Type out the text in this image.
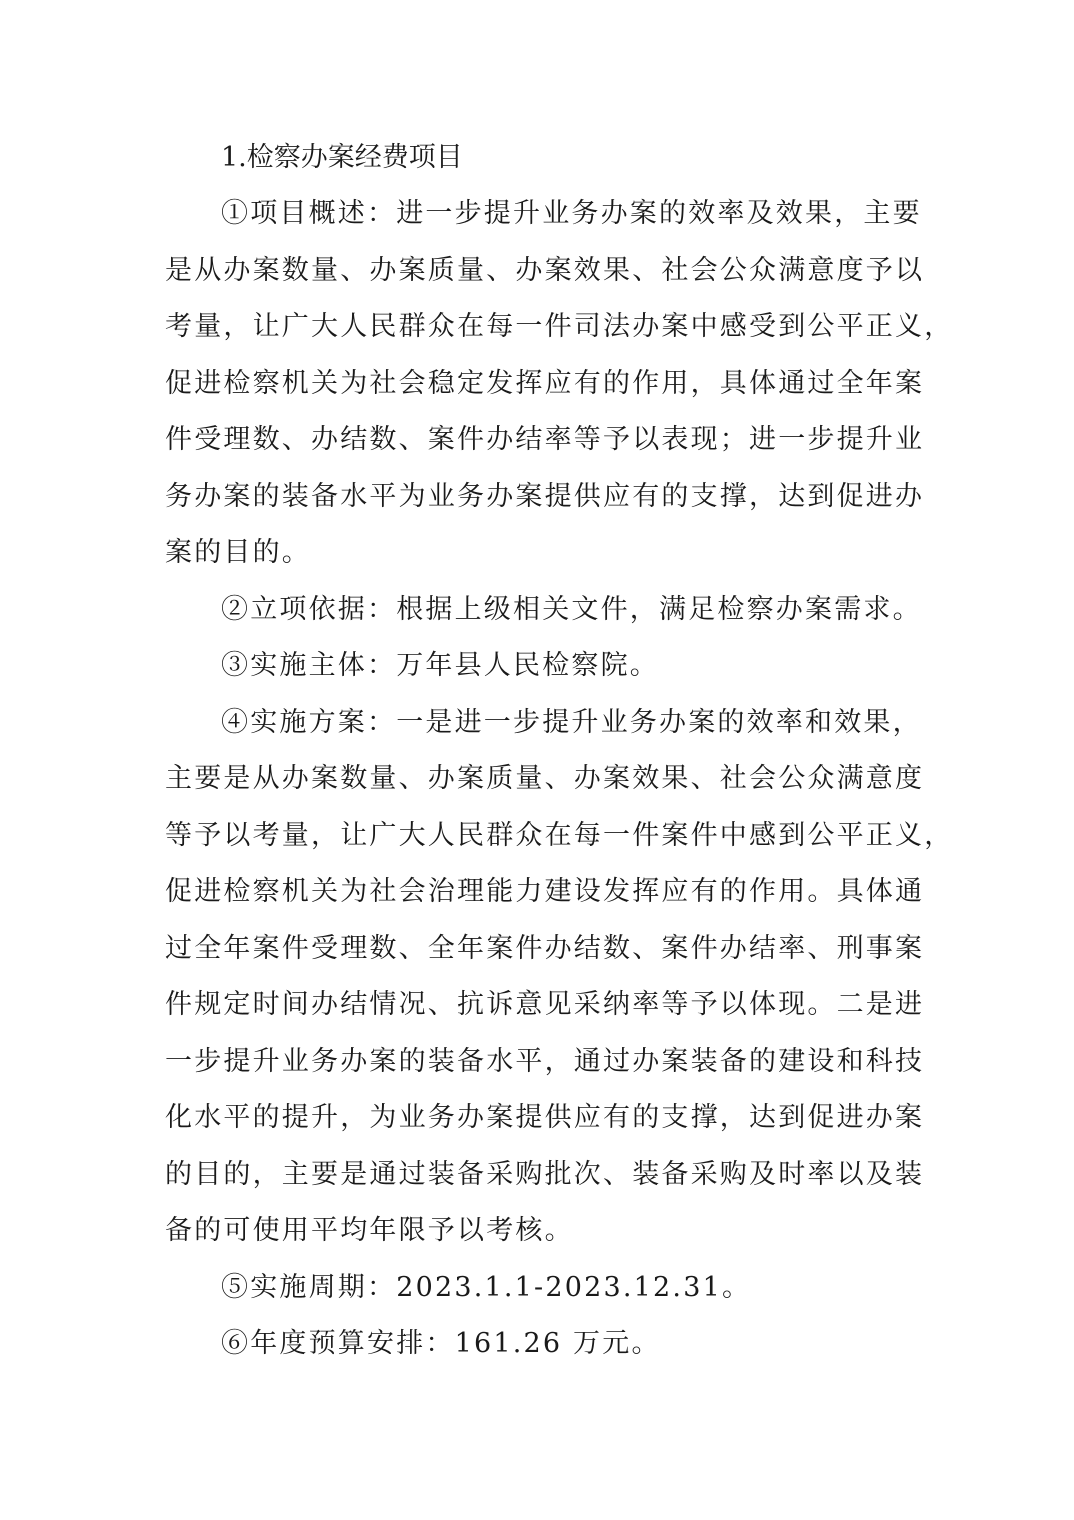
1.检察办案经费项目

①项目概述：进一步提升业务办案的效率及效果，主要
是从办案数量、办案质量、办案效果、社会公众满意度予以
考量，让广大人民群众在每一件司法办案中感受到公平正义，
促进检察机关为社会稳定发挥应有的作用，具体通过全年案
件受理数、办结数、案件办结率等予以表现；进一步提升业
务办案的装备水平为业务办案提供应有的支撑，达到促进办
案的目的。

②立项依据：根据上级相关文件，满足检察办案需求。

③实施主体：万年县人民检察院。

④实施方案：一是进一步提升业务办案的效率和效果，
主要是从办案数量、办案质量、办案效果、社会公众满意度
等予以考量，让广大人民群众在每一件案件中感到公平正义，
促进检察机关为社会治理能力建设发挥应有的作用。具体通
过全年案件受理数、全年案件办结数、案件办结率、刑事案
件规定时间办结情况、抗诉意见采纳率等予以体现。二是进
一步提升业务办案的装备水平，通过办案装备的建设和科技
化水平的提升，为业务办案提供应有的支撑，达到促进办案
的目的，主要是通过装备采购批次、装备采购及时率以及装
备的可使用平均年限予以考核。

⑤实施周期：2023.1.1-2023.12.31。

⑥年度预算安排：161.26 万元。
